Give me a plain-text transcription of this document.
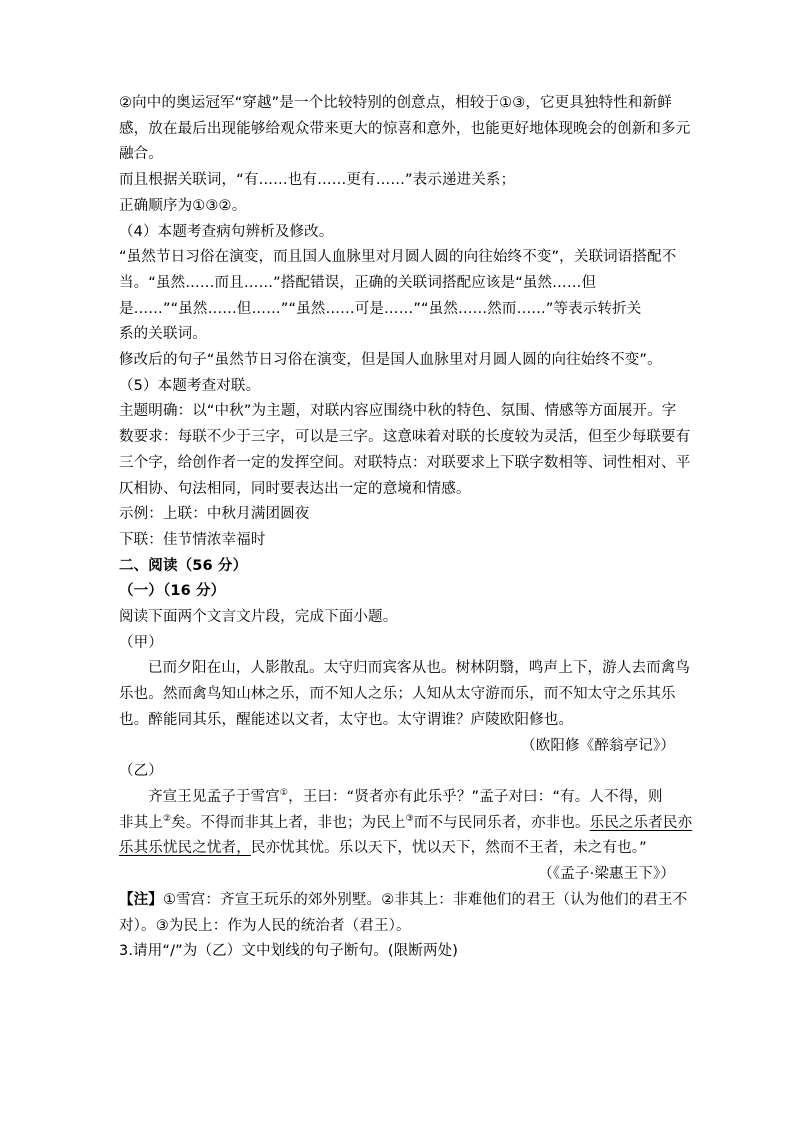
②向中的奥运冠军“穿越”是一个比较特别的创意点，相较于①③，它更具独特性和新鲜
感，放在最后出现能够给观众带来更大的惊喜和意外，也能更好地体现晚会的创新和多元
融合。
而且根据关联词，“有……也有……更有……”表示递进关系；
正确顺序为①③②。
（4）本题考查病句辨析及修改。
“虽然节日习俗在演变，而且国人血脉里对月圆人圆的向往始终不变”，关联词语搭配不
当。“虽然……而且……”搭配错误，正确的关联词搭配应该是“虽然……但
是……”“虽然……但……”“虽然……可是……”“虽然……然而……”等表示转折关
系的关联词。
修改后的句子“虽然节日习俗在演变，但是国人血脉里对月圆人圆的向往始终不变”。
（5）本题考查对联。
主题明确：以“中秋”为主题，对联内容应围绕中秋的特色、氛围、情感等方面展开。字
数要求：每联不少于三字，可以是三字。这意味着对联的长度较为灵活，但至少每联要有
三个字，给创作者一定的发挥空间。对联特点：对联要求上下联字数相等、词性相对、平
仄相协、句法相同，同时要表达出一定的意境和情感。
示例：上联：中秋月满团圆夜
下联：佳节情浓幸福时
二、阅读（56 分）
（一）（16 分）
阅读下面两个文言文片段，完成下面小题。
（甲）
已而夕阳在山，人影散乱。太守归而宾客从也。树林阴翳，鸣声上下，游人去而禽鸟
乐也。然而禽鸟知山林之乐，而不知人之乐；人知从太守游而乐，而不知太守之乐其乐
也。醉能同其乐，醒能述以文者，太守也。太守谓谁？庐陵欧阳修也。
（欧阳修《醉翁亭记》）
（乙）
齐宣王见孟子于雪宫①，王曰：“贤者亦有此乐乎？”孟子对曰：“有。人不得，则
非其上②矣。不得而非其上者，非也；为民上③而不与民同乐者，亦非也。乐民之乐者民亦
乐其乐忧民之忧者，民亦忧其忧。乐以天下，忧以天下，然而不王者，未之有也。”
（《孟子·梁惠王下》）
【注】①雪宫：齐宣王玩乐的郊外别墅。②非其上：非难他们的君王（认为他们的君王不
对）。③为民上：作为人民的统治者（君王）。
3.请用“/”为（乙）文中划线的句子断句。(限断两处)
